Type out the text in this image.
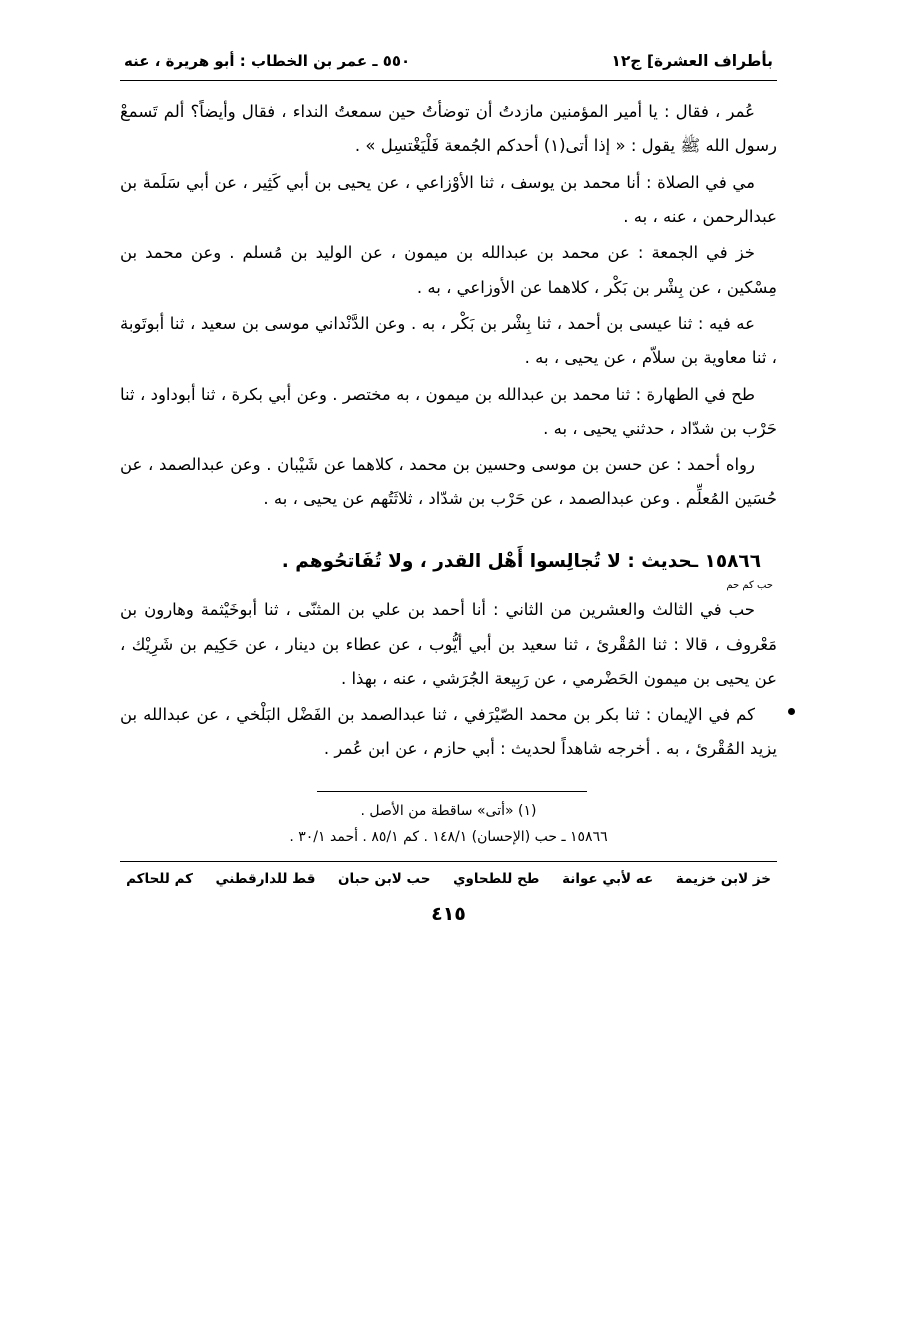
بأطراف العشرة] ج١٢
٥٥٠ ـ عمر بن الخطاب : أبو هريرة ، عنه

عُمر ، فقال : يا أمير المؤمنين مازدتُ أن توضأتُ حين سمعتُ النداء ، فقال وأيضاً؟ ألم تَسمعْ رسول الله ﷺ يقول : « إذا أتى(١) أحدكم الجُمعة فَلْيَغْتسِل » .

مي في الصلاة : أنا محمد بن يوسف ، ثنا الأوْزاعي ، عن يحيى بن أبي كَثِير ، عن أبي سَلَمة بن عبدالرحمن ، عنه ، به .

خز في الجمعة : عن محمد بن عبدالله بن ميمون ، عن الوليد بن مُسلم . وعن محمد بن مِسْكين ، عن بِشْر بن بَكْر ، كلاهما عن الأوزاعي ، به .

عه فيه : ثنا عيسى بن أحمد ، ثنا بِشْر بن بَكْر ، به . وعن الدَّنْداني موسى بن سعيد ، ثنا أبوتَوبة ، ثنا معاوية بن سلاّم ، عن يحيى ، به .

طح في الطهارة : ثنا محمد بن عبدالله بن ميمون ، به مختصر . وعن أبي بكرة ، ثنا أبوداود ، ثنا حَرْب بن شدّاد ، حدثني يحيى ، به .

رواه أحمد : عن حسن بن موسى وحسين بن محمد ، كلاهما عن شَيْبان . وعن عبدالصمد ، عن حُسَين المُعلِّم . وعن عبدالصمد ، عن حَرْب بن شدّاد ، ثلاثَتُهم عن يحيى ، به .

١٥٨٦٦ ـحديث : لا تُجالِسوا أَهْل القدر ، ولا تُفَاتحُوهم .

حب كم حم

حب في الثالث والعشرين من الثاني : أنا أحمد بن علي بن المثنّى ، ثنا أبوخَيْثمة وهارون بن مَعْروف ، قالا : ثنا المُقْرئ ، ثنا سعيد بن أبي أيُّوب ، عن عطاء بن دينار ، عن حَكِيم بن شَرِيْك ، عن يحيى بن ميمون الحَضْرمي ، عن رَبِيعة الجُرَشي ، عنه ، بهذا .

كم في الإيمان : ثنا بكر بن محمد الصّيْرَفي ، ثنا عبدالصمد بن الفَضْل البَلْخي ، عن عبدالله بن يزيد المُقْرئ ، به . أخرجه شاهداً لحديث : أبي حازم ، عن ابن عُمر .

(١) «أتى» ساقطة من الأصل .

١٥٨٦٦ ـ حب (الإحسان) ١٤٨/١ . كم ٨٥/١ . أحمد ٣٠/١ .

خز لابن خزيمة
عه لأبي عوانة
طح للطحاوي
حب لابن حبان
قط للدارقطني
كم للحاكم
٤١٥
